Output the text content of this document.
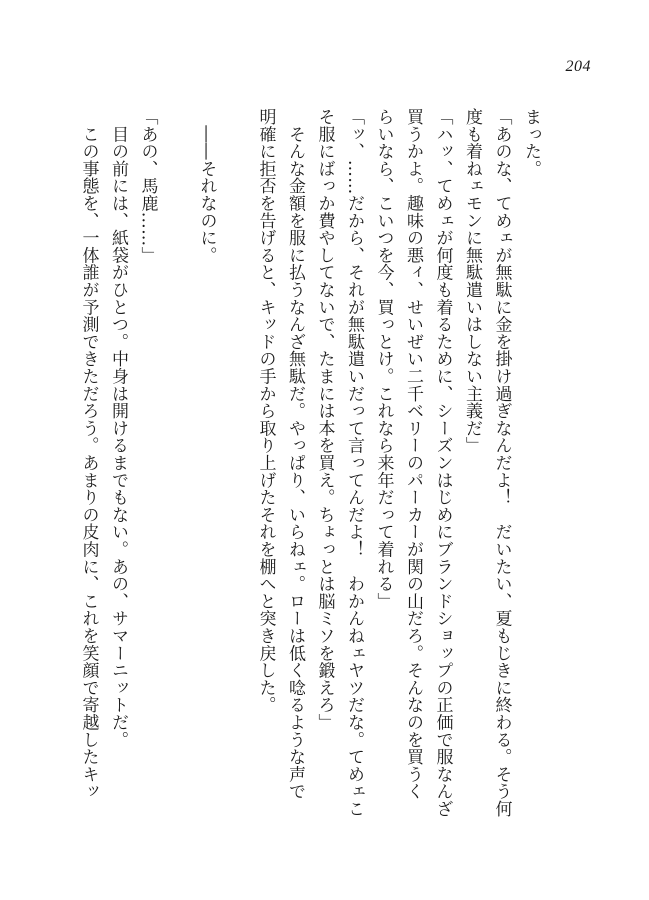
204

まった。

「あのな、てめェが無駄に金を掛け過ぎなんだよ！　だいたい、夏もじきに終わる。そう何

度も着ねェモンに無駄遣いはしない主義だ」

「ハッ、てめェが何度も着るために、シーズンはじめにブランドショップの正価で服なんざ

買うかよ。趣味の悪ィ、せいぜい二千ベリーのパーカーが関の山だろ。そんなのを買うく

らいなら、こいつを今、買っとけ。これなら来年だって着れる」

「ッ、……だから、それが無駄遣いだって言ってんだよ！　わかんねェヤツだな。てめェこ

そ服にばっか費やしてないで、たまには本を買え。ちょっとは脳ミソを鍛えろ」

　そんな金額を服に払うなんざ無駄だ。やっぱり、いらねェ。ローは低く唸るような声で

明確に拒否を告げると、キッドの手から取り上げたそれを棚へと突き戻した。

　――それなのに。

「あの、馬鹿……」

　目の前には、紙袋がひとつ。中身は開けるまでもない。あの、サマーニットだ。

　この事態を、一体誰が予測できただろう。あまりの皮肉に、これを笑顔で寄越したキッ
